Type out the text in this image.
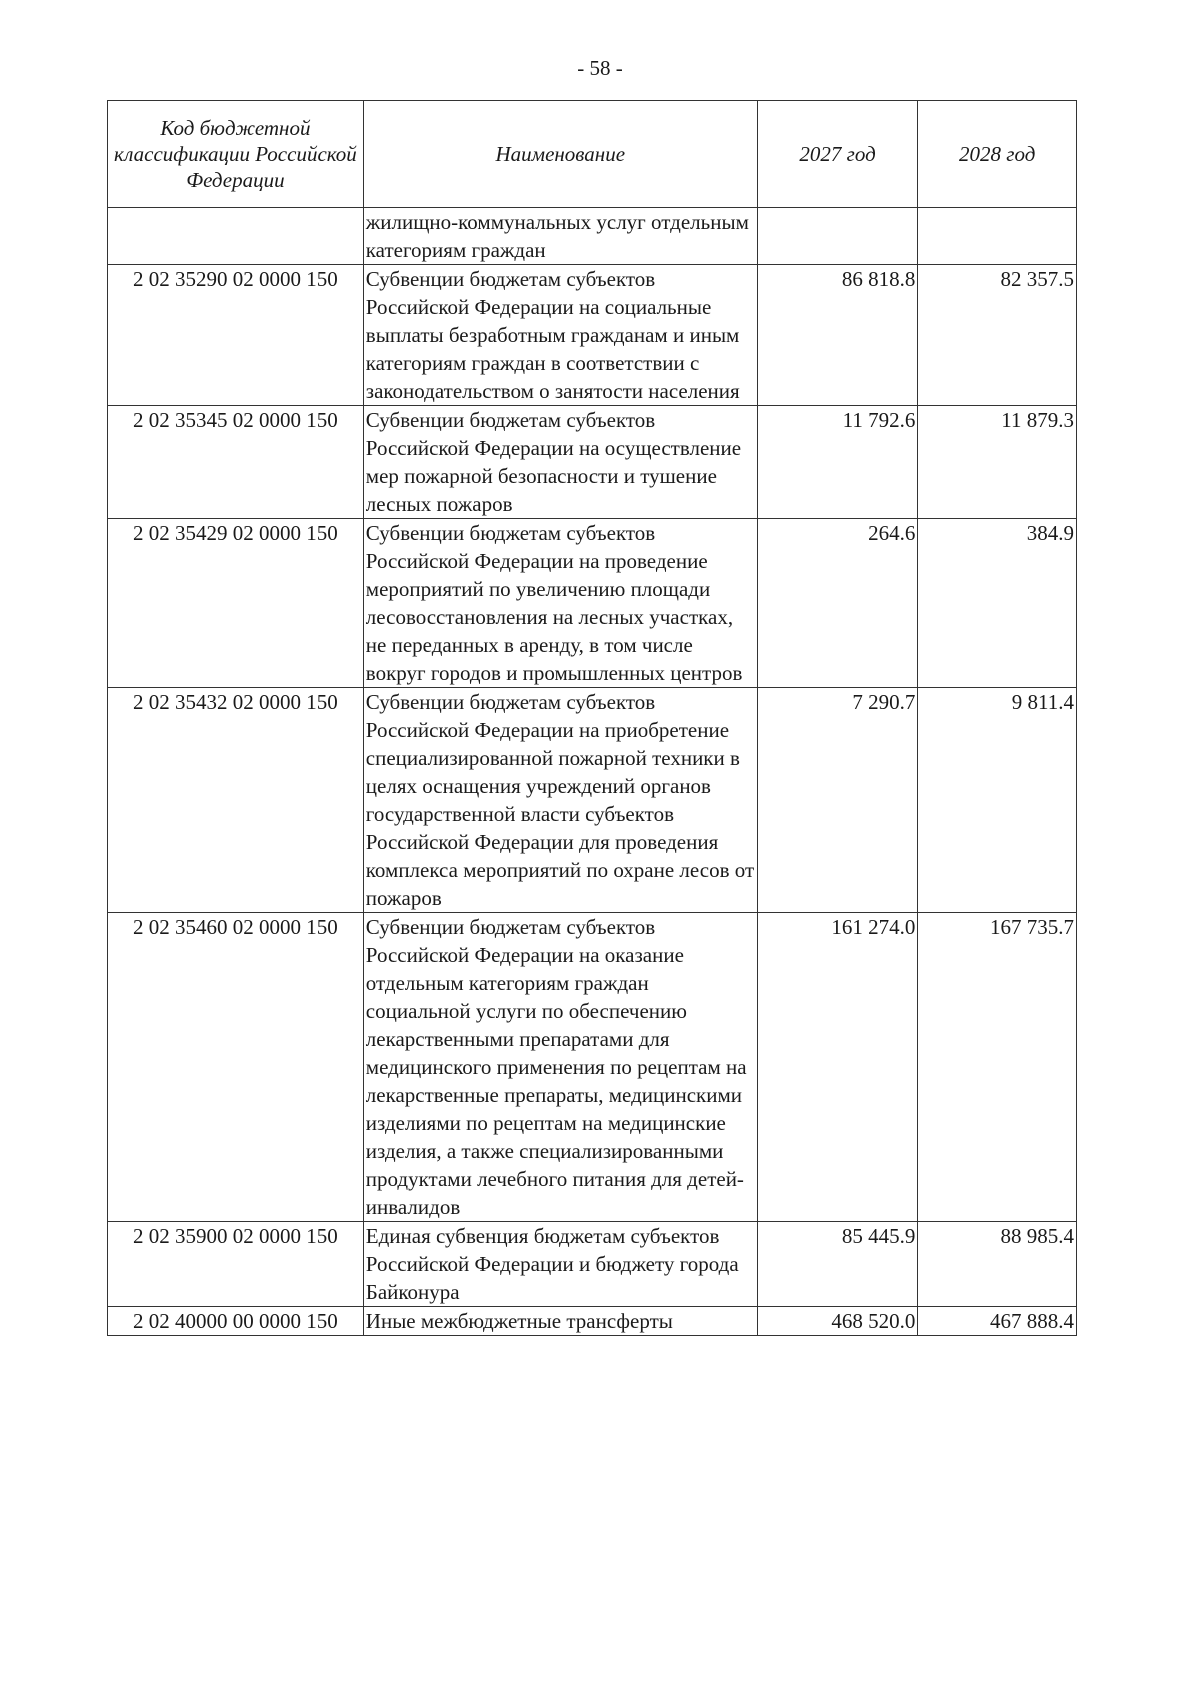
- 58 -
Код бюджетной классификации Российской Федерации	Наименование	2027 год	2028 год
	жилищно-коммунальных услуг отдельным категориям граждан		
2 02 35290 02 0000 150	Субвенции бюджетам субъектов Российской Федерации на социальные выплаты безработным гражданам и иным категориям граждан в соответствии с законодательством о занятости населения	86 818.8	82 357.5
2 02 35345 02 0000 150	Субвенции бюджетам субъектов Российской Федерации на осуществление мер пожарной безопасности и тушение лесных пожаров	11 792.6	11 879.3
2 02 35429 02 0000 150	Субвенции бюджетам субъектов Российской Федерации на проведение мероприятий по увеличению площади лесовосстановления на лесных участках, не переданных в аренду, в том числе вокруг городов и промышленных центров	264.6	384.9
2 02 35432 02 0000 150	Субвенции бюджетам субъектов Российской Федерации на приобретение специализированной пожарной техники в целях оснащения учреждений органов государственной власти субъектов Российской Федерации для проведения комплекса мероприятий по охране лесов от пожаров	7 290.7	9 811.4
2 02 35460 02 0000 150	Субвенции бюджетам субъектов Российской Федерации на оказание отдельным категориям граждан социальной услуги по обеспечению лекарственными препаратами для медицинского применения по рецептам на лекарственные препараты, медицинскими изделиями по рецептам на медицинские изделия, а также специализированными продуктами лечебного питания для детей-инвалидов	161 274.0	167 735.7
2 02 35900 02 0000 150	Единая субвенция бюджетам субъектов Российской Федерации и бюджету города Байконура	85 445.9	88 985.4
2 02 40000 00 0000 150	Иные межбюджетные трансферты	468 520.0	467 888.4
